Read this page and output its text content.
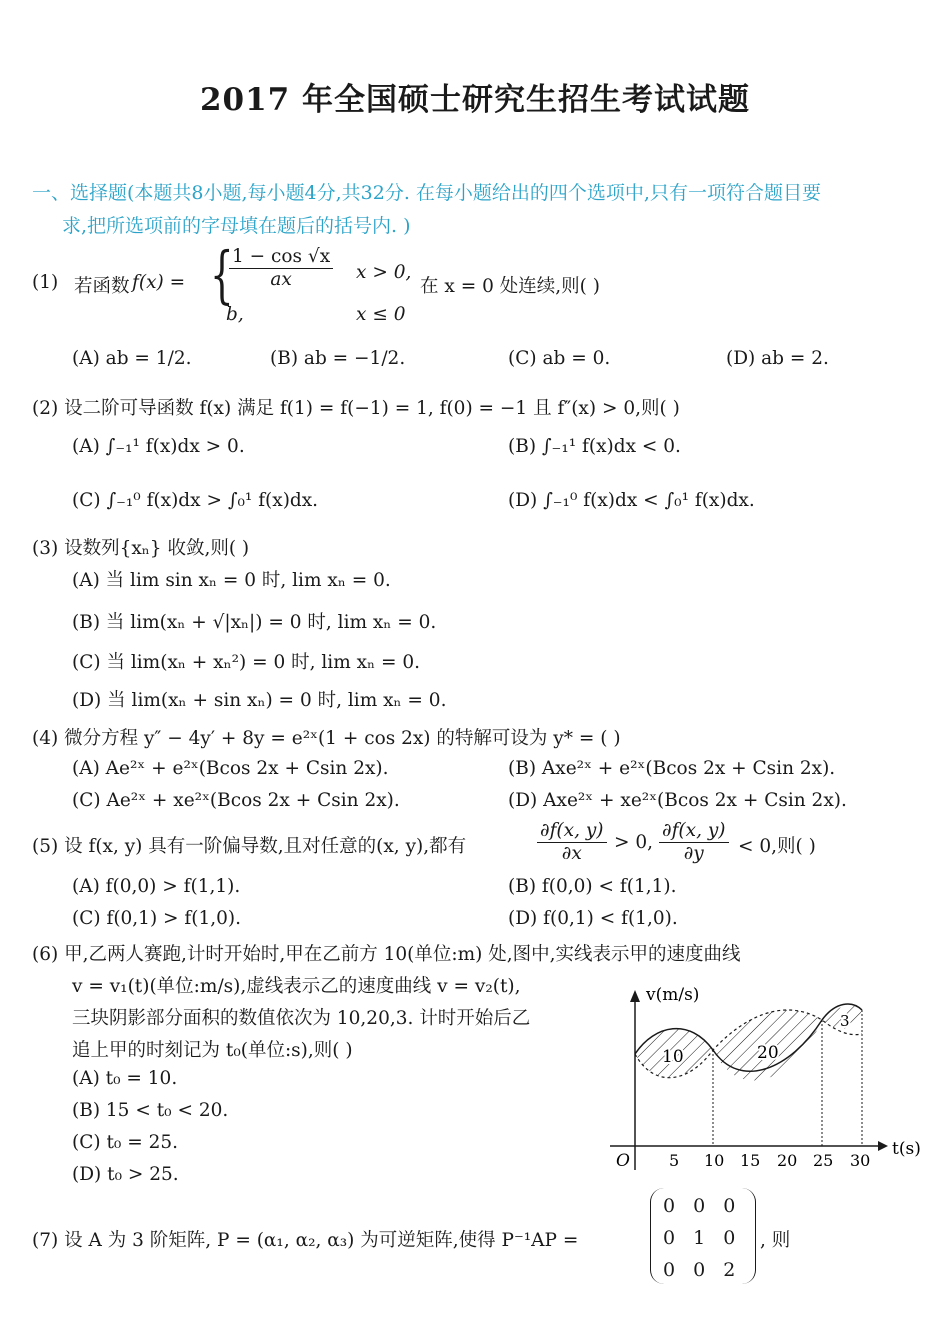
2017 年全国硕士研究生招生考试试题
一、选择题(本题共8小题,每小题4分,共32分. 在每小题给出的四个选项中,只有一项符合题目要
求,把所选项前的字母填在题后的括号内. )
(1) 若函数 f(x) = {
$\frac{1 - \cos √x}{ax}$ x > 0,
b,	x ≤ 0
在 x = 0 处连续,则( )
(A) ab = 1/2.	(B) ab = −1/2.	(C) ab = 0.	(D) ab = 2.
(2) 设二阶可导函数 f(x) 满足 f(1) = f(−1) = 1, f(0) = −1 且 f″(x) > 0,则( )
(A) ∫₋₁¹ f(x)dx > 0.	(B) ∫₋₁¹ f(x)dx < 0.
(C) ∫₋₁⁰ f(x)dx > ∫₀¹ f(x)dx.	(D) ∫₋₁⁰ f(x)dx < ∫₀¹ f(x)dx.
(3) 设数列{xₙ} 收敛,则( )
(A) 当 lim sin xₙ = 0 时, lim xₙ = 0.
(B) 当 lim(xₙ + √|xₙ|) = 0 时, lim xₙ = 0.
(C) 当 lim(xₙ + xₙ²) = 0 时, lim xₙ = 0.
(D) 当 lim(xₙ + sin xₙ) = 0 时, lim xₙ = 0.
(4) 微分方程 y″ − 4y′ + 8y = e²ˣ(1 + cos 2x) 的特解可设为 y* = ( )
(A) Ae²ˣ + e²ˣ(Bcos 2x + Csin 2x).	(B) Axe²ˣ + e²ˣ(Bcos 2x + Csin 2x).
(C) Ae²ˣ + xe²ˣ(Bcos 2x + Csin 2x).	(D) Axe²ˣ + xe²ˣ(Bcos 2x + Csin 2x).
(5) 设 f(x, y) 具有一阶偏导数,且对任意的(x, y),都有	$\frac{\partial f(x, y)}{\partial x} > 0$, $\frac{\partial f(x, y)}{\partial y} < 0$,则( )
(A) f(0,0) > f(1,1).	(B) f(0,0) < f(1,1).
(C) f(0,1) > f(1,0).	(D) f(0,1) < f(1,0).
(6) 甲,乙两人赛跑,计时开始时,甲在乙前方 10(单位:m) 处,图中,实线表示甲的速度曲线
v = v₁(t)(单位:m/s),虚线表示乙的速度曲线 v = v₂(t),
三块阴影部分面积的数值依次为 10,20,3. 计时开始后乙
追上甲的时刻记为 t₀(单位:s),则( )
(A) t₀ = 10.
(B) 15 < t₀ < 20.
(C) t₀ = 25.
(D) t₀ > 25.
v(m/s)
t(s)
O 5 10 15 20 25 30
10	20
3
(7) 设 A 为 3 阶矩阵, P = (α₁, α₂, α₃) 为可逆矩阵,使得 P⁻¹AP =
0	0	0
0	1	0
0	0	2
, 则
